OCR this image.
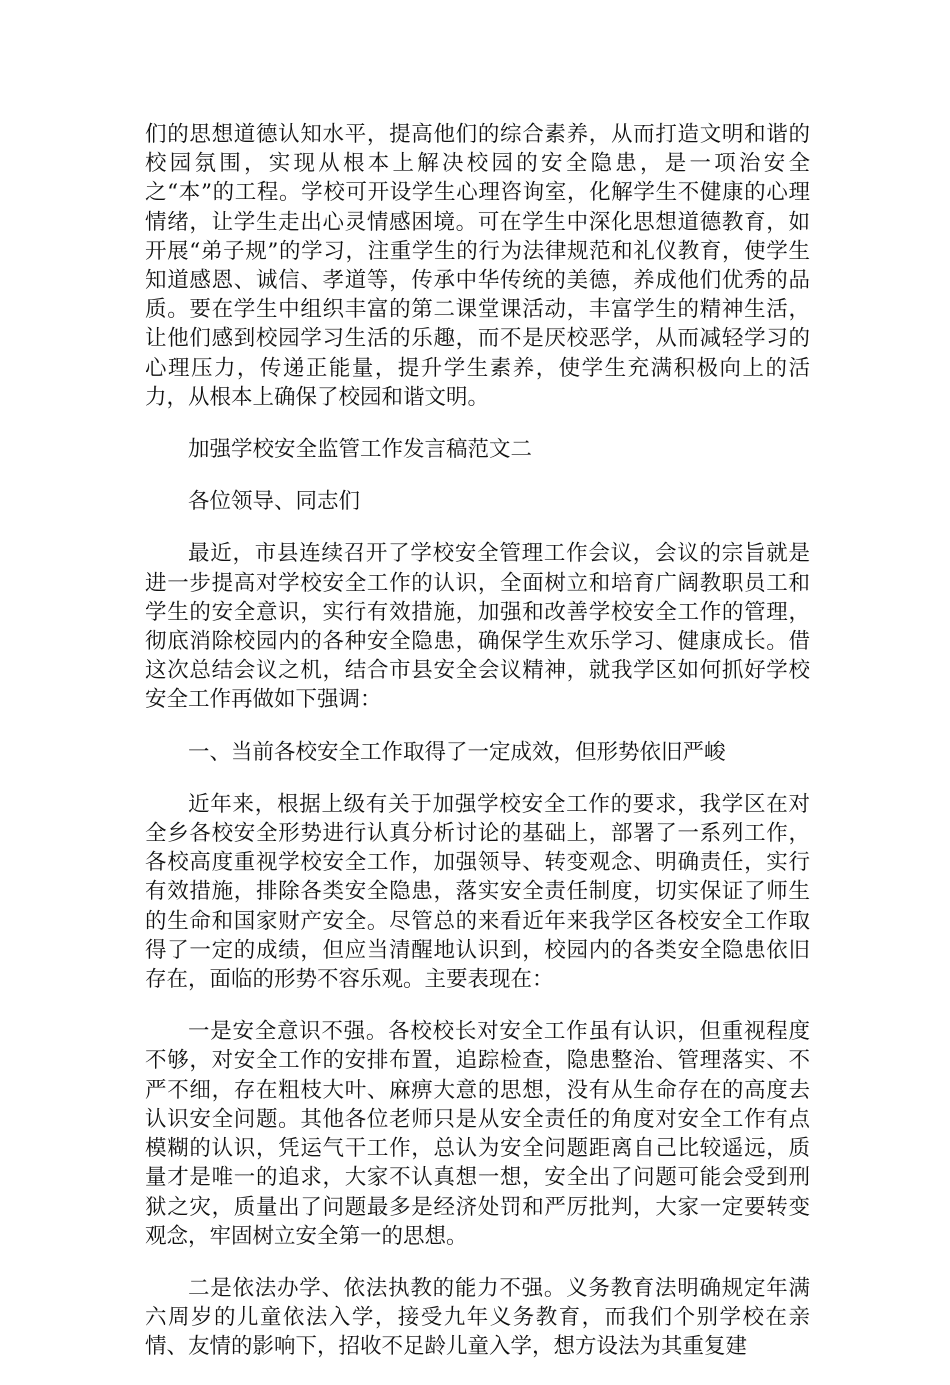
们的思想道德认知水平，提高他们的综合素养，从而打造文明和谐的校园氛围，实现从根本上解决校园的安全隐患，是一项治安全之“本”的工程。学校可开设学生心理咨询室，化解学生不健康的心理情绪，让学生走出心灵情感困境。可在学生中深化思想道德教育，如开展“弟子规”的学习，注重学生的行为法律规范和礼仪教育，使学生知道感恩、诚信、孝道等，传承中华传统的美德，养成他们优秀的品质。要在学生中组织丰富的第二课堂课活动，丰富学生的精神生活，让他们感到校园学习生活的乐趣，而不是厌校恶学，从而减轻学习的心理压力，传递正能量，提升学生素养，使学生充满积极向上的活力，从根本上确保了校园和谐文明。

加强学校安全监管工作发言稿范文二

各位领导、同志们

最近，市县连续召开了学校安全管理工作会议，会议的宗旨就是进一步提高对学校安全工作的认识，全面树立和培育广阔教职员工和学生的安全意识，实行有效措施，加强和改善学校安全工作的管理，彻底消除校园内的各种安全隐患，确保学生欢乐学习、健康成长。借这次总结会议之机，结合市县安全会议精神，就我学区如何抓好学校安全工作再做如下强调：

一、当前各校安全工作取得了一定成效，但形势依旧严峻

近年来，根据上级有关于加强学校安全工作的要求，我学区在对全乡各校安全形势进行认真分析讨论的基础上，部署了一系列工作，各校高度重视学校安全工作，加强领导、转变观念、明确责任，实行有效措施，排除各类安全隐患，落实安全责任制度，切实保证了师生的生命和国家财产安全。尽管总的来看近年来我学区各校安全工作取得了一定的成绩，但应当清醒地认识到，校园内的各类安全隐患依旧存在，面临的形势不容乐观。主要表现在：

一是安全意识不强。各校校长对安全工作虽有认识，但重视程度不够，对安全工作的安排布置，追踪检查，隐患整治、管理落实、不严不细，存在粗枝大叶、麻痹大意的思想，没有从生命存在的高度去认识安全问题。其他各位老师只是从安全责任的角度对安全工作有点模糊的认识，凭运气干工作，总认为安全问题距离自己比较遥远，质量才是唯一的追求，大家不认真想一想，安全出了问题可能会受到刑狱之灾，质量出了问题最多是经济处罚和严厉批判，大家一定要转变观念，牢固树立安全第一的思想。

二是依法办学、依法执教的能力不强。义务教育法明确规定年满六周岁的儿童依法入学，接受九年义务教育，而我们个别学校在亲情、友情的影响下，招收不足龄儿童入学，想方设法为其重复建
